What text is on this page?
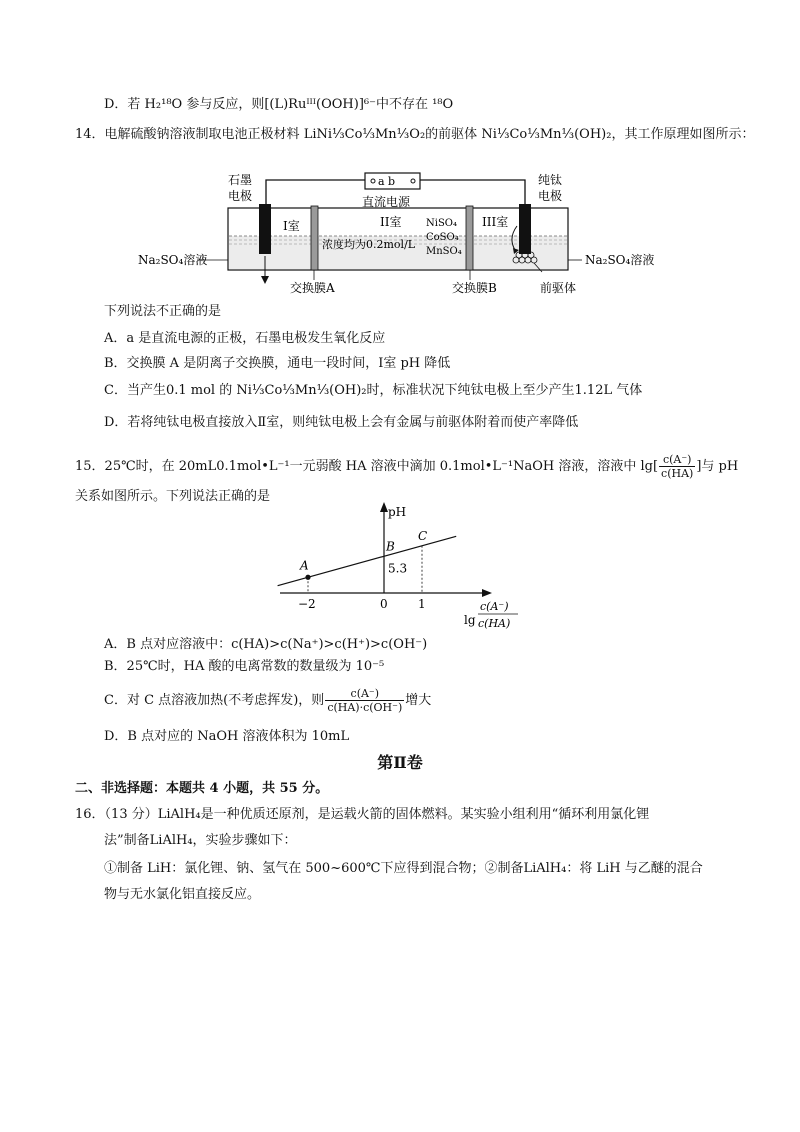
D．若 H₂¹⁸O 参与反应，则[(L)Ruᴵᴵᴵ(OOH)]⁶⁻中不存在 ¹⁸O
14．电解硫酸钠溶液制取电池正极材料 LiNi⅓Co⅓Mn⅓O₂的前驱体 Ni⅓Co⅓Mn⅓(OH)₂，其工作原理如图所示：
a b
直流电源
石墨
电极
纯钛
电极
I室	II室	III室
浓度均为0.2mol/L
NiSO₄
CoSO₄
MnSO₄
Na₂SO₄溶液	Na₂SO₄溶液
交换膜A	交换膜B	前驱体
下列说法不正确的是
A．a 是直流电源的正极，石墨电极发生氧化反应
B．交换膜 A 是阴离子交换膜，通电一段时间，Ⅰ室 pH 降低
C．当产生0.1 mol 的 Ni⅓Co⅓Mn⅓(OH)₂时，标准状况下纯钛电极上至少产生1.12L 气体
D．若将纯钛电极直接放入Ⅱ室，则纯钛电极上会有金属与前驱体附着而使产率降低
15．25℃时，在 20mL0.1mol•L⁻¹一元弱酸 HA 溶液中滴加 0.1mol•L⁻¹NaOH 溶液，溶液中 $\lg[ \frac{c(A^-)}{c(HA)}$ ]与 pH
关系如图所示。下列说法正确的是
−2	0	1
A
B
C
5.3
pH
lg
c(A⁻)
c(HA)
A．B 点对应溶液中：c(HA)>c(Na⁺)>c(H⁺)>c(OH⁻)
B．25℃时，HA 酸的电离常数的数量级为 10⁻⁵
C．对 C 点溶液加热(不考虑挥发)，则 $\frac{c(A^-)}{c(HA)\cdot c(OH^-)}$ 增大
D．B 点对应的 NaOH 溶液体积为 10mL
第Ⅱ卷
二、非选择题：本题共 4 小题，共 55 分。
16．（13 分）LiAlH₄是一种优质还原剂，是运载火箭的固体燃料。某实验小组利用“循环利用氯化锂
法”制备LiAlH₄，实验步骤如下：
①制备 LiH：氯化锂、钠、氢气在 500~600℃下应得到混合物；②制备LiAlH₄：将 LiH 与乙醚的混合
物与无水氯化铝直接反应。
